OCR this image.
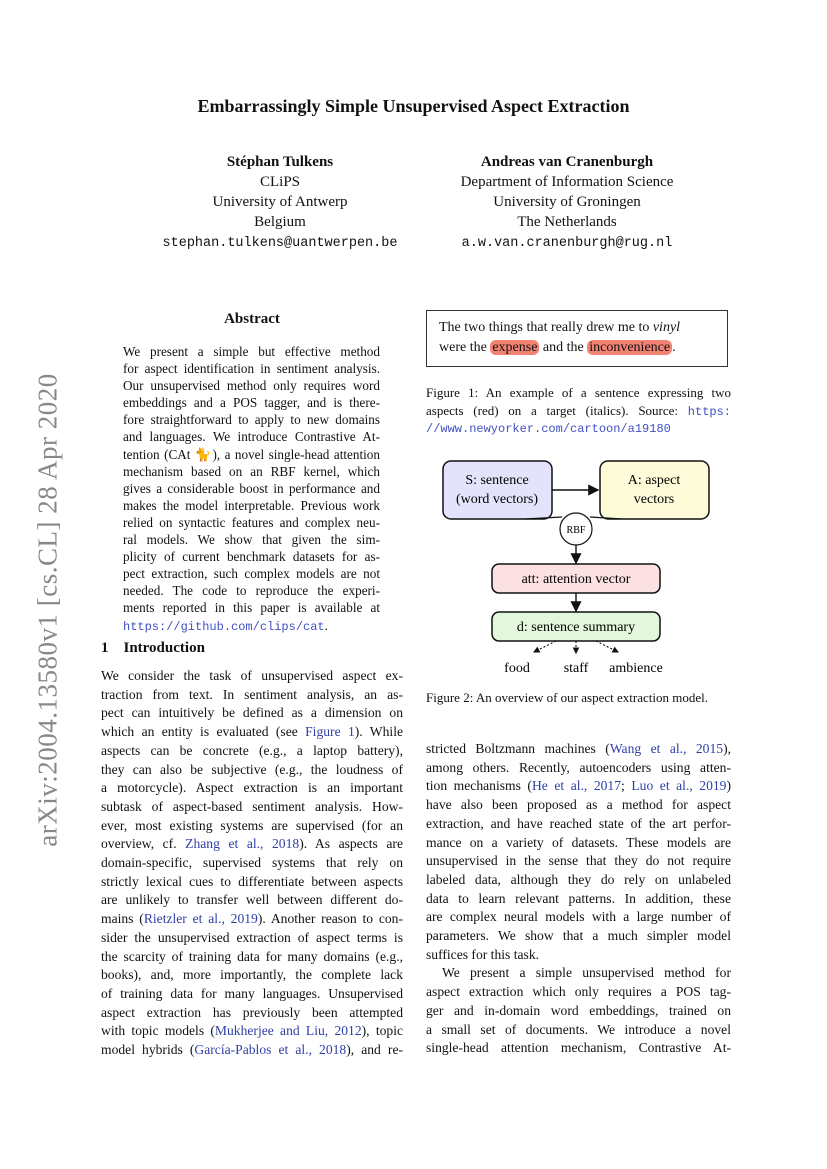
arXiv:2004.13580v1 [cs.CL] 28 Apr 2020
Embarrassingly Simple Unsupervised Aspect Extraction
Stéphan Tulkens
CLiPS
University of Antwerp
Belgium
stephan.tulkens@uantwerpen.be
Andreas van Cranenburgh
Department of Information Science
University of Groningen
The Netherlands
a.w.van.cranenburgh@rug.nl
Abstract
We present a simple but effective method
for aspect identification in sentiment analysis.
Our unsupervised method only requires word
embeddings and a POS tagger, and is there-
fore straightforward to apply to new domains
and languages. We introduce Contrastive At-
tention (CAt 🐈), a novel single-head attention
mechanism based on an RBF kernel, which
gives a considerable boost in performance and
makes the model interpretable. Previous work
relied on syntactic features and complex neu-
ral models. We show that given the sim-
plicity of current benchmark datasets for as-
pect extraction, such complex models are not
needed. The code to reproduce the experi-
ments reported in this paper is available at
https://github.com/clips/cat.
1 Introduction
We consider the task of unsupervised aspect ex-
traction from text. In sentiment analysis, an as-
pect can intuitively be defined as a dimension on
which an entity is evaluated (see Figure 1). While
aspects can be concrete (e.g., a laptop battery),
they can also be subjective (e.g., the loudness of
a motorcycle). Aspect extraction is an important
subtask of aspect-based sentiment analysis. How-
ever, most existing systems are supervised (for an
overview, cf. Zhang et al., 2018). As aspects are
domain-specific, supervised systems that rely on
strictly lexical cues to differentiate between aspects
are unlikely to transfer well between different do-
mains (Rietzler et al., 2019). Another reason to con-
sider the unsupervised extraction of aspect terms is
the scarcity of training data for many domains (e.g.,
books), and, more importantly, the complete lack
of training data for many languages. Unsupervised
aspect extraction has previously been attempted
with topic models (Mukherjee and Liu, 2012), topic
model hybrids (García-Pablos et al., 2018), and re-
stricted Boltzmann machines (Wang et al., 2015),
among others. Recently, autoencoders using atten-
tion mechanisms (He et al., 2017; Luo et al., 2019)
have also been proposed as a method for aspect
extraction, and have reached state of the art perfor-
mance on a variety of datasets. These models are
unsupervised in the sense that they do not require
labeled data, although they do rely on unlabeled
data to learn relevant patterns. In addition, these
are complex neural models with a large number of
parameters. We show that a much simpler model
suffices for this task.
We present a simple unsupervised method for
aspect extraction which only requires a POS tag-
ger and in-domain word embeddings, trained on
a small set of documents. We introduce a novel
single-head attention mechanism, Contrastive At-
The two things that really drew me to vinyl
were the expense and the inconvenience .
Figure 1: An example of a sentence expressing two
aspects (red) on a target (italics). Source: https:
//www.newyorker.com/cartoon/a19180
S: sentence
(word vectors)
A: aspect
vectors
RBF
att: attention vector
d: sentence summary
food staff ambience
Figure 2: An overview of our aspect extraction model.
